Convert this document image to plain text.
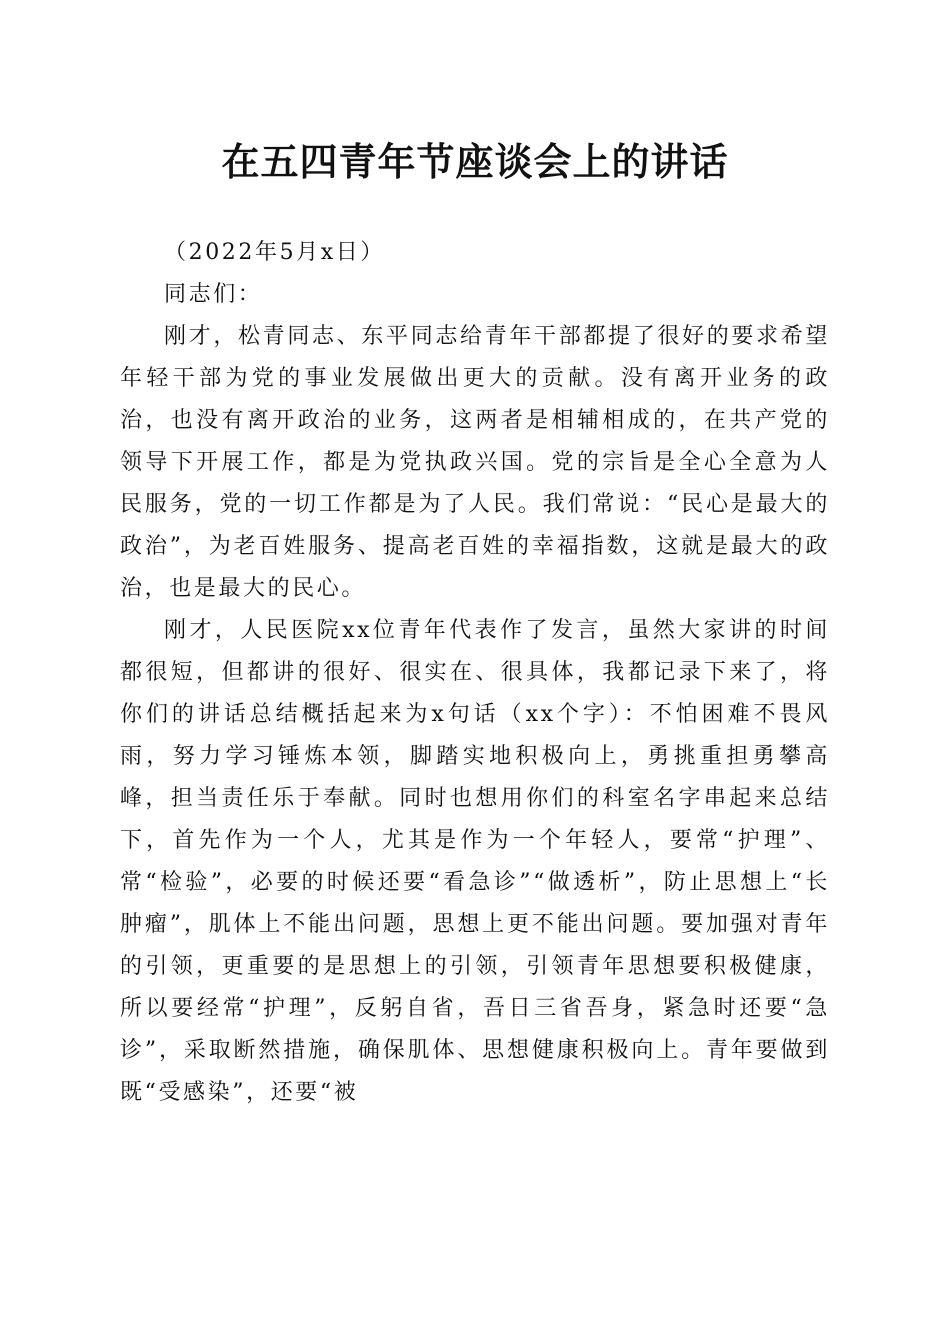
在五四青年节座谈会上的讲话

（2022年5月x日）

同志们：

刚才，松青同志、东平同志给青年干部都提了很好的要求希望年轻干部为党的事业发展做出更大的贡献。没有离开业务的政治，也没有离开政治的业务，这两者是相辅相成的，在共产党的领导下开展工作，都是为党执政兴国。党的宗旨是全心全意为人民服务，党的一切工作都是为了人民。我们常说：“民心是最大的政治”，为老百姓服务、提高老百姓的幸福指数，这就是最大的政治，也是最大的民心。

刚才，人民医院xx位青年代表作了发言，虽然大家讲的时间都很短，但都讲的很好、很实在、很具体，我都记录下来了，将你们的讲话总结概括起来为x句话（xx个字）：不怕困难不畏风雨，努力学习锤炼本领，脚踏实地积极向上，勇挑重担勇攀高峰，担当责任乐于奉献。同时也想用你们的科室名字串起来总结下，首先作为一个人，尤其是作为一个年轻人，要常“护理”、常“检验”，必要的时候还要“看急诊”“做透析”，防止思想上“长肿瘤”，肌体上不能出问题，思想上更不能出问题。要加强对青年的引领，更重要的是思想上的引领，引领青年思想要积极健康，所以要经常“护理”，反躬自省，吾日三省吾身，紧急时还要“急诊”，采取断然措施，确保肌体、思想健康积极向上。青年要做到既“受感染”，还要“被
